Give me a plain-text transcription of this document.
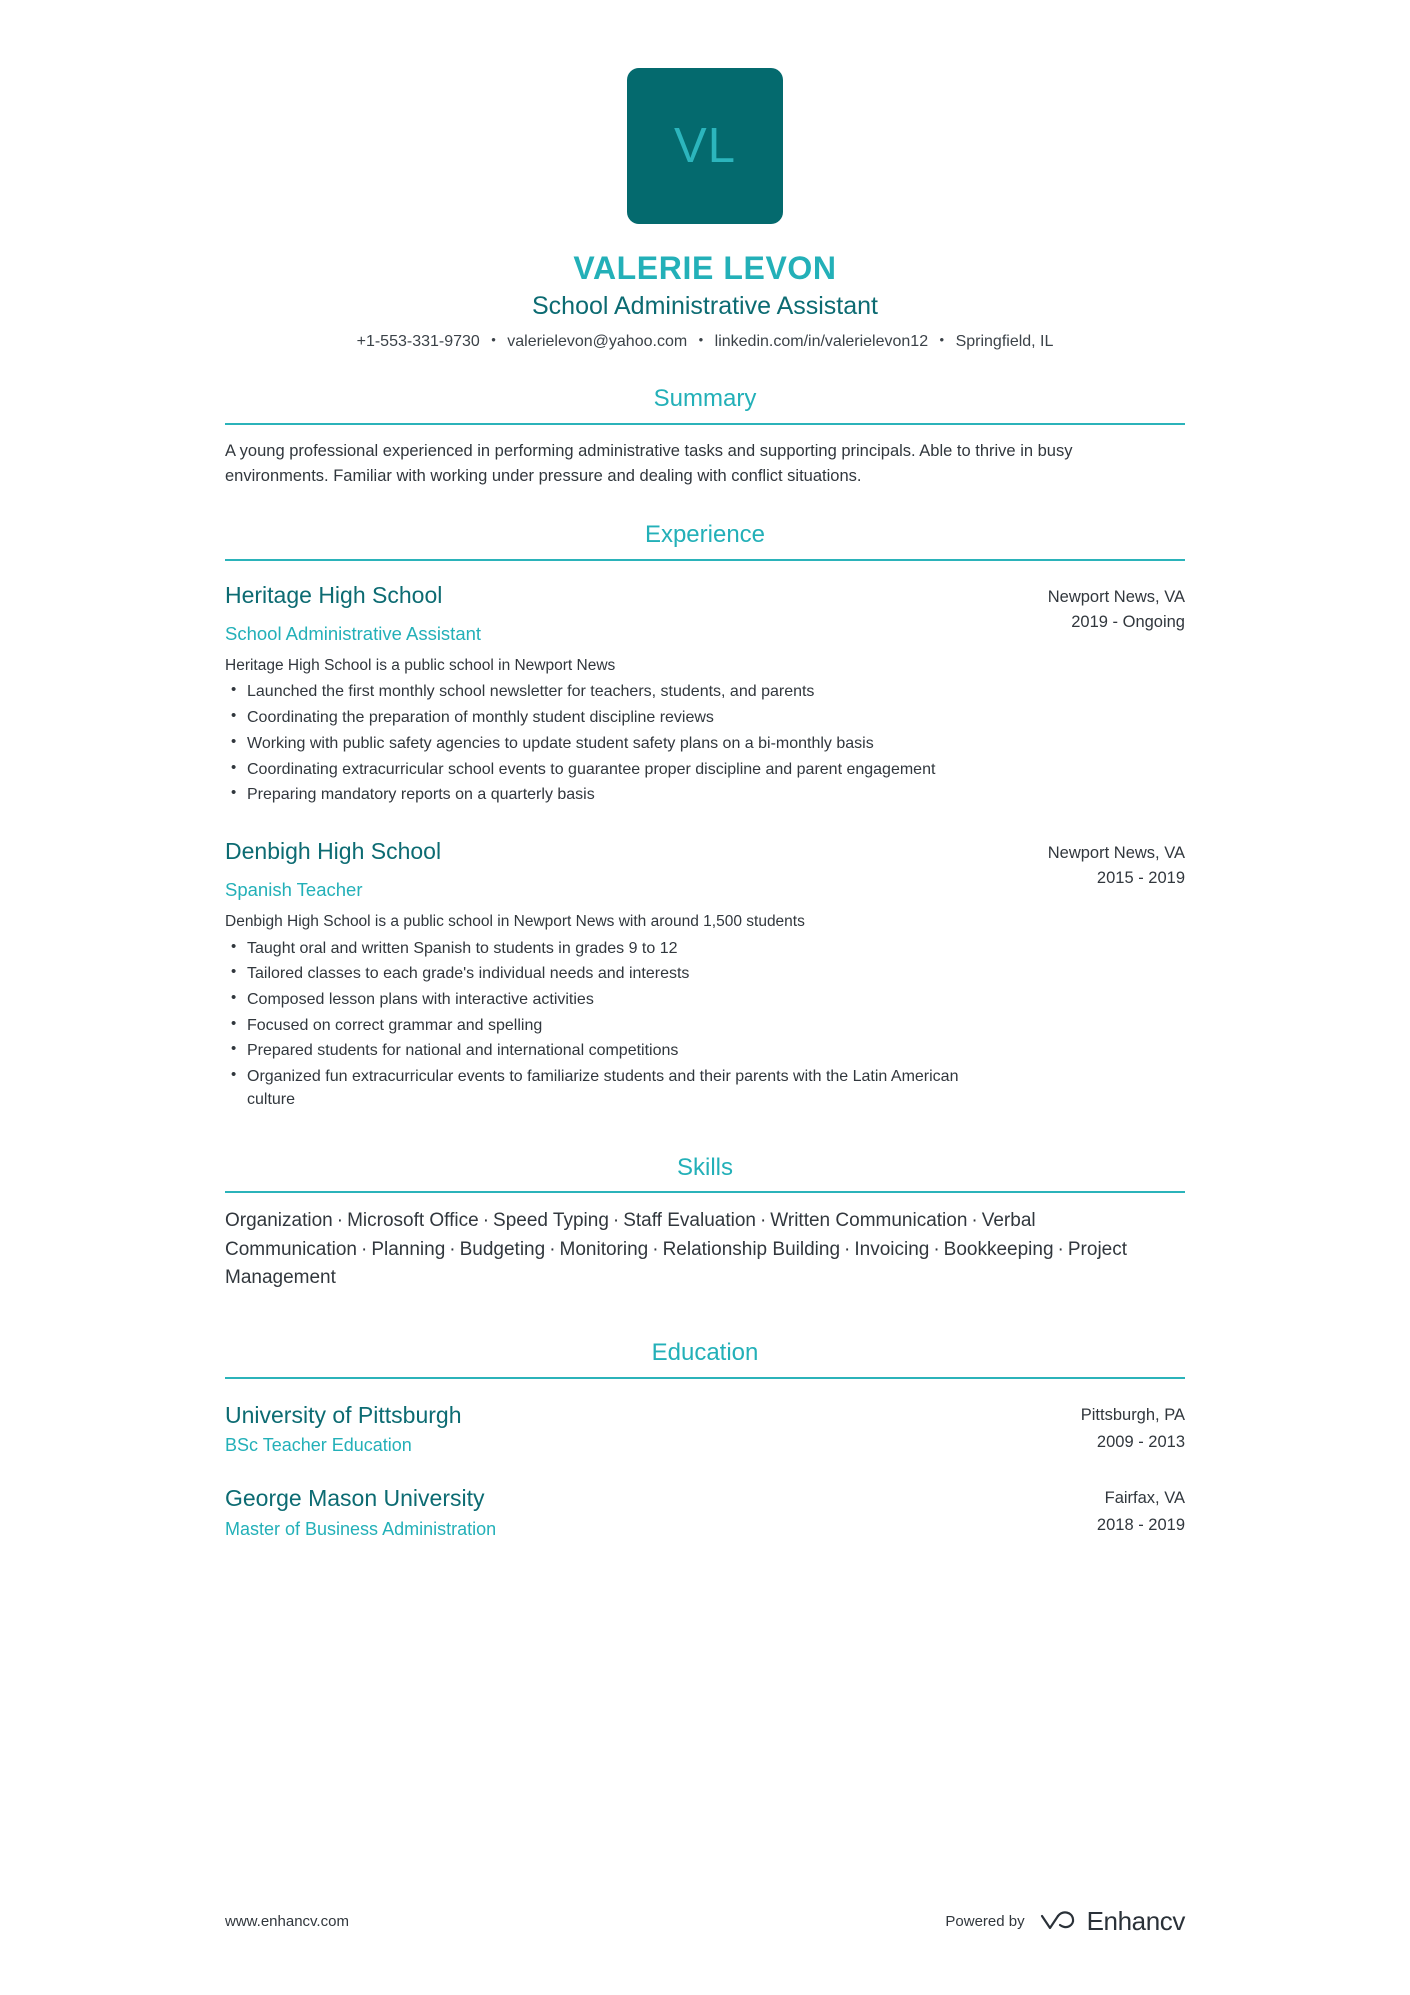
VL
VALERIE LEVON
School Administrative Assistant
+1-553-331-9730 • valerielevon@yahoo.com • linkedin.com/in/valerielevon12 • Springfield, IL
Summary

A young professional experienced in performing administrative tasks and supporting principals. Able to thrive in busy environments. Familiar with working under pressure and dealing with conflict situations.

Experience
Heritage High School
School Administrative Assistant
Heritage High School is a public school in Newport News
• Launched the first monthly school newsletter for teachers, students, and parents
• Coordinating the preparation of monthly student discipline reviews
• Working with public safety agencies to update student safety plans on a bi-monthly basis
• Coordinating extracurricular school events to guarantee proper discipline and parent engagement
• Preparing mandatory reports on a quarterly basis
Newport News, VA
2019 - Ongoing
Denbigh High School
Spanish Teacher
Denbigh High School is a public school in Newport News with around 1,500 students
• Taught oral and written Spanish to students in grades 9 to 12
• Tailored classes to each grade's individual needs and interests
• Composed lesson plans with interactive activities
• Focused on correct grammar and spelling
• Prepared students for national and international competitions
• Organized fun extracurricular events to familiarize students and their parents with the Latin American culture
Newport News, VA
2015 - 2019
Skills
Organization · Microsoft Office · Speed Typing · Staff Evaluation · Written Communication · Verbal Communication · Planning · Budgeting · Monitoring · Relationship Building · Invoicing · Bookkeeping · Project Management
Education
University of Pittsburgh
BSc Teacher Education
Pittsburgh, PA
2009 - 2013
George Mason University
Master of Business Administration
Fairfax, VA
2018 - 2019
www.enhancv.com	Powered by Enhancv
